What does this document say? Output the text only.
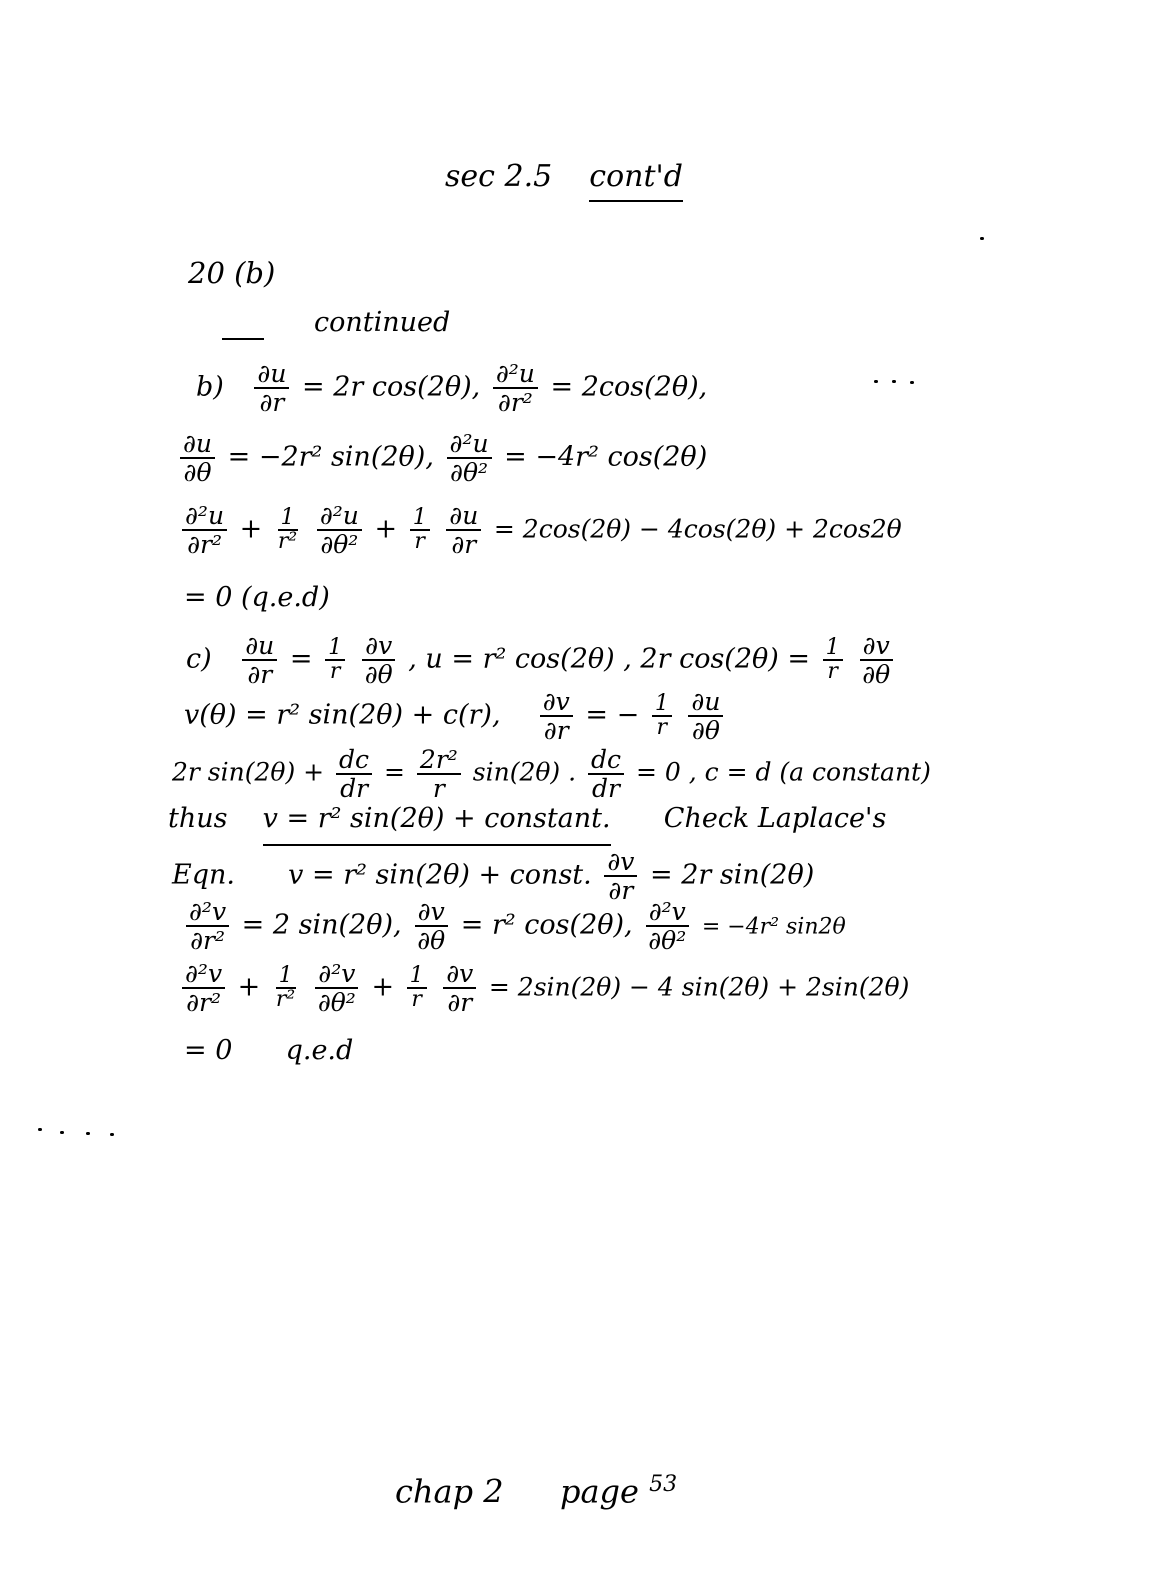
sec 2.5 cont'd
20 (b)
continued
$b) \frac{\partial u}{\partial r} = 2r$ cos(2θ), $\frac{\text{∂²u}}{\text{∂r²}} = 2\cos(2\theta)$,
$\frac{\partial u}{\partial\theta} = -2r^2$ sin(2θ), $\frac{\text{∂²u}}{\text{∂θ²}} = -4r^2$ cos(2θ)
$\frac{\text{∂²u}}{\text{∂r²}} + \frac{1}{\text{r²}}$
$\frac{\text{∂²u}}{\text{∂θ²}} + \frac{1}{r}$
$\frac{\partial u}{\partial r} = 2\cos(2\theta) - 4\cos(2\theta) + 2\cos 2\theta$
= 0 (q.e.d)
$c) \frac{\partial u}{\partial r} = \frac{1}{r}$
$\frac{\partial v}{\partial\theta}$ , u = r² cos(2θ) , 2r $\cos(2\theta) = \frac{1}{r}$
$\frac{\partial v}{\partial\theta}$
v(θ) = r² sin(2θ) + c(r), $\frac{\partial v}{\partial r}$ = − $\frac{1}{r}$
$\frac{\partial u}{\partial\theta}$
2r $\sin(2\theta) + \frac{dc}{dr} = \frac{\text{2r²}}{r} \sin(2\theta)$ . $\frac{dc}{dr} = 0$ , c = d (a constant)
thus v = r² sin(2θ) + constant. Check Laplace's
Eqn. v = r² sin(2θ) + const. $\frac{\partial v}{\partial r} = 2r$ sin(2θ)
$\frac{\text{∂²v}}{\text{∂r²}} = 2$ sin(2θ), $\frac{\partial v}{\partial\theta} = r^2$ cos(2θ), $\frac{\text{∂²v}}{\text{∂θ²}} = -4r^2$ sin2θ
$\frac{\text{∂²v}}{\text{∂r²}} + \frac{1}{\text{r²}}$
$\frac{\text{∂²v}}{\text{∂θ²}} + \frac{1}{r}$
$\frac{\partial v}{\partial r} = 2\sin(2\theta) - 4$ sin(2θ) + 2sin(2θ)
= 0 q.e.d
chap 2 page $^{53}$
